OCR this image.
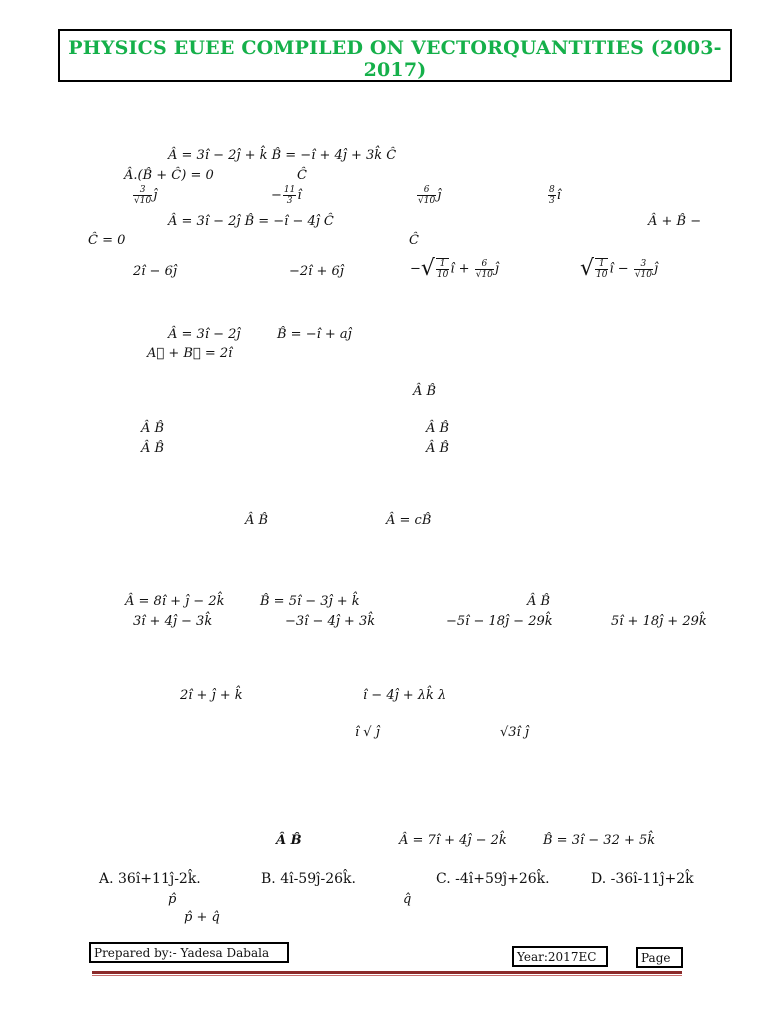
PHYSICS EUEE COMPILED ON VECTORQUANTITIES (2003-2017)
Â = 3î − 2ĵ + k̂ B̂ = −î + 4ĵ + 3k̂ Ĉ
Â.(B̂ + Ĉ) = 0	Ĉ
$\frac{3}{√10}$ ĵ	− $\frac{11}{3}$ î	$\frac{6}{√10}$ ĵ	$\frac{8}{3}$ î
Â = 3î − 2ĵ B̂ = −î − 4ĵ Ĉ	Â + B̂ −
Ĉ = 0	Ĉ
2î − 6ĵ	−2î + 6ĵ	−√ $\frac{1}{10}$ î + $\frac{6}{√10}$ ĵ	√ $\frac{1}{10}$ î − $\frac{3}{√10}$ ĵ
Â = 3î − 2ĵ	B̂ = −î + aĵ
A⃗ + B⃗ = 2î
Â B̂
Â B̂
Â B̂
Â B̂
Â B̂
Â B̂	Â = cB̂
Â = 8î + ĵ − 2k̂	B̂ = 5î − 3ĵ + k̂	Â B̂
3î + 4ĵ − 3k̂	−3î − 4ĵ + 3k̂	−5î − 18ĵ − 29k̂	5î + 18ĵ + 29k̂
2î + ĵ + k̂	î − 4ĵ + λk̂ λ
î √ ĵ	√3î ĵ
Â B̂	Â = 7î + 4ĵ − 2k̂	B̂ = 3î − 32 + 5k̂
A. 36î+11ĵ-2k̂.	B. 4î-59ĵ-26k̂.	C. -4î+59ĵ+26k̂.	D. -36î-11ĵ+2k̂
p̂	q̂
p̂ + q̂
Prepared by:- Yadesa Dabala	Year:2017EC	Page
